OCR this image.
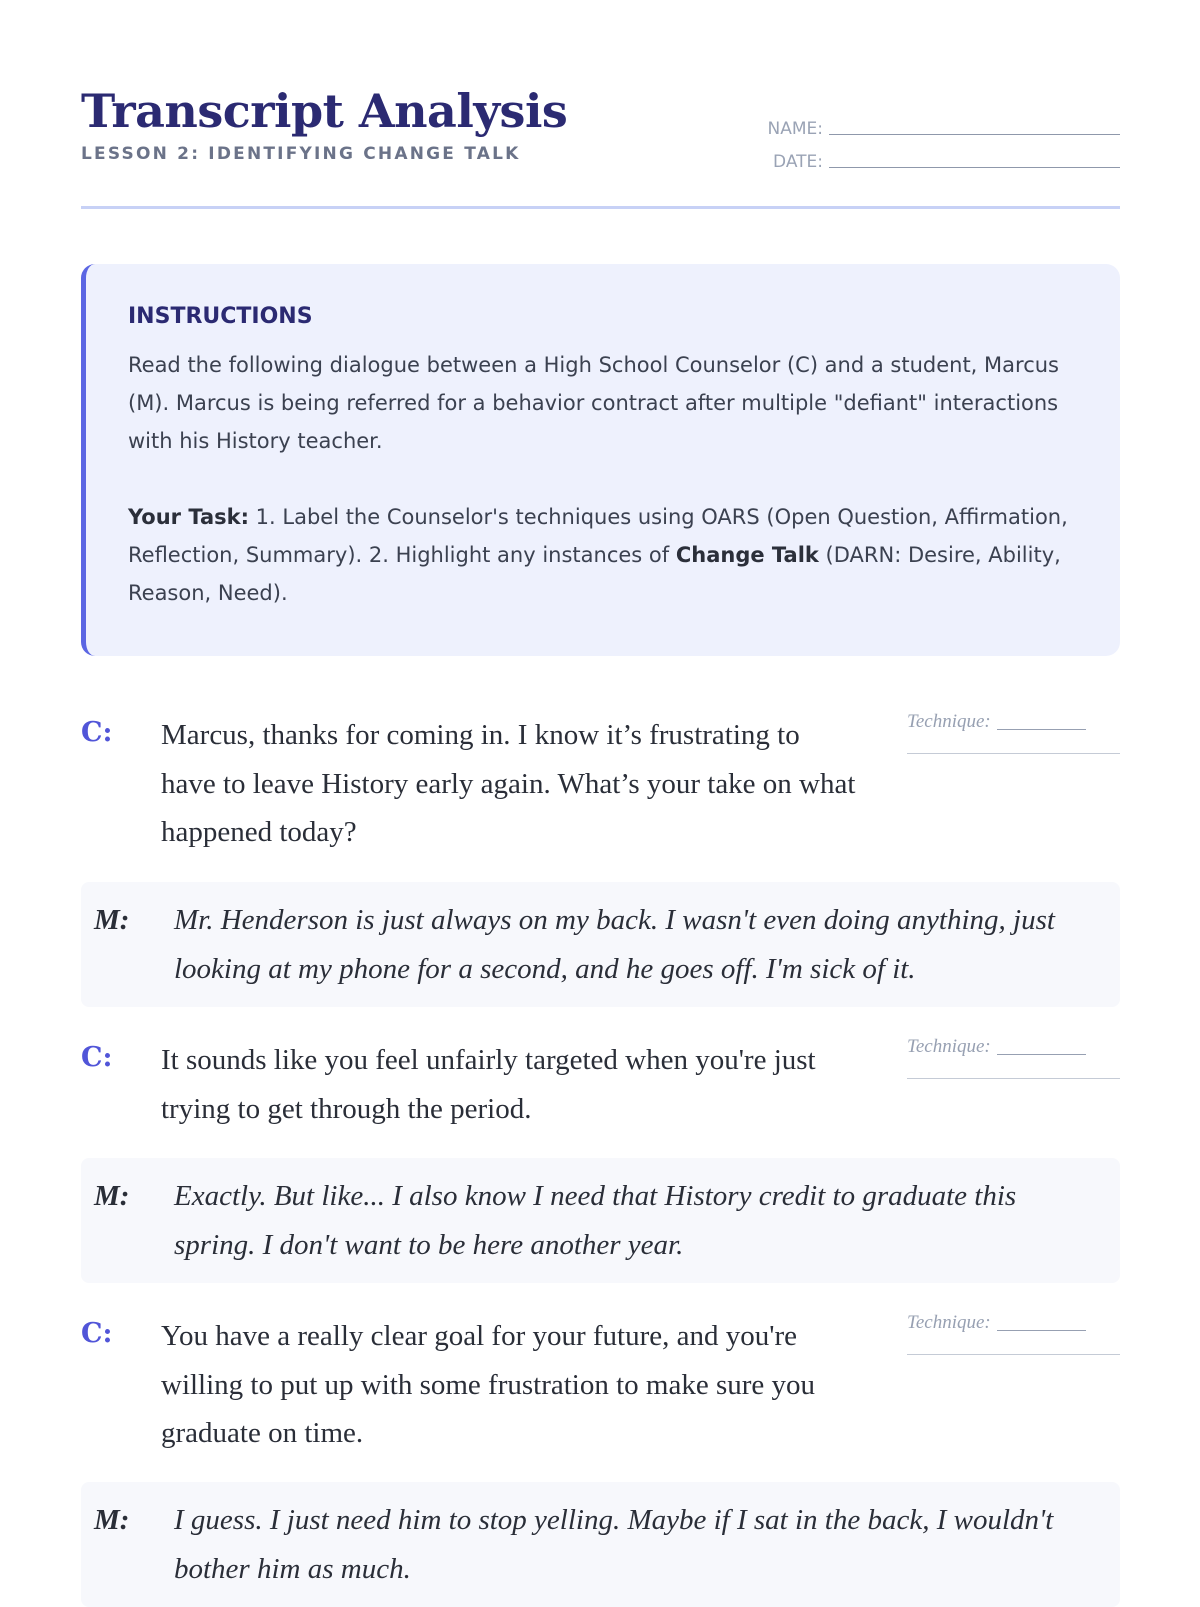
Transcript Analysis
LESSON 2: IDENTIFYING CHANGE TALK
NAME:
DATE:
INSTRUCTIONS

Read the following dialogue between a High School Counselor (C) and a student, Marcus (M). Marcus is being referred for a behavior contract after multiple "defiant" interactions with his History teacher.

Your Task: 1. Label the Counselor's techniques using OARS (Open Question, Affirmation, Reflection, Summary). 2. Highlight any instances of Change Talk (DARN: Desire, Ability, Reason, Need).

C: Marcus, thanks for coming in. I know it’s frustrating to have to leave History early again. What’s your take on what happened today?

Technique:
M: Mr. Henderson is just always on my back. I wasn't even doing anything, just looking at my phone for a second, and he goes off. I'm sick of it.

C: It sounds like you feel unfairly targeted when you're just trying to get through the period.

Technique:
M: Exactly. But like... I also know I need that History credit to graduate this spring. I don't want to be here another year.

C: You have a really clear goal for your future, and you're willing to put up with some frustration to make sure you graduate on time.

Technique:
M: I guess. I just need him to stop yelling. Maybe if I sat in the back, I wouldn't bother him as much.
